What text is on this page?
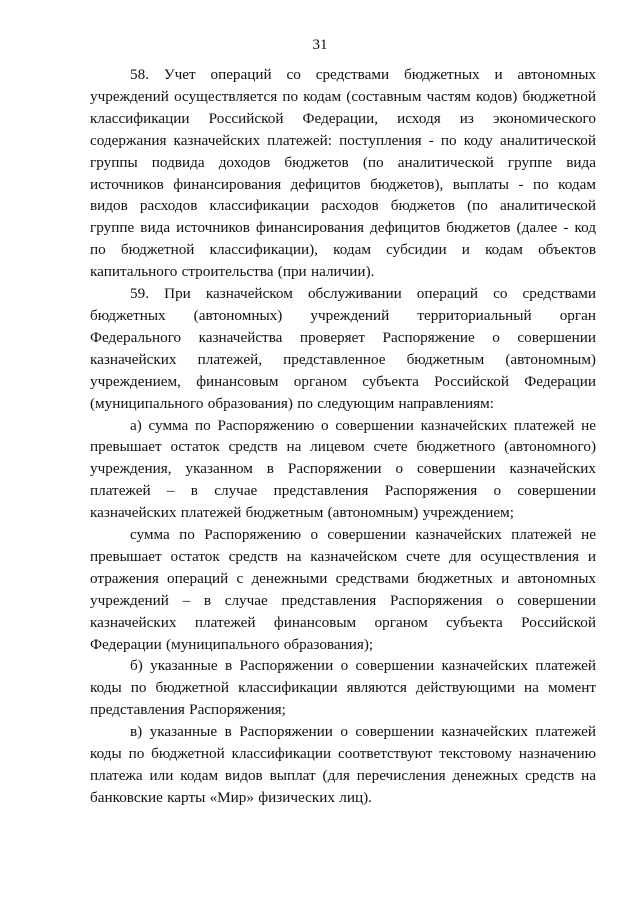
31

58. Учет операций со средствами бюджетных и автономных учреждений осуществляется по кодам (составным частям кодов) бюджетной классификации Российской Федерации, исходя из экономического содержания казначейских платежей: поступления - по коду аналитической группы подвида доходов бюджетов (по аналитической группе вида источников финансирования дефицитов бюджетов), выплаты - по кодам видов расходов классификации расходов бюджетов (по аналитической группе вида источников финансирования дефицитов бюджетов (далее - код по бюджетной классификации), кодам субсидии и кодам объектов капитального строительства (при наличии).

59. При казначейском обслуживании операций со средствами бюджетных (автономных) учреждений территориальный орган Федерального казначейства проверяет Распоряжение о совершении казначейских платежей, представленное бюджетным (автономным) учреждением, финансовым органом субъекта Российской Федерации (муниципального образования) по следующим направлениям:

а) сумма по Распоряжению о совершении казначейских платежей не превышает остаток средств на лицевом счете бюджетного (автономного) учреждения, указанном в Распоряжении о совершении казначейских платежей – в случае представления Распоряжения о совершении казначейских платежей бюджетным (автономным) учреждением;

сумма по Распоряжению о совершении казначейских платежей не превышает остаток средств на казначейском счете для осуществления и отражения операций с денежными средствами бюджетных и автономных учреждений – в случае представления Распоряжения о совершении казначейских платежей финансовым органом субъекта Российской Федерации (муниципального образования);

б) указанные в Распоряжении о совершении казначейских платежей коды по бюджетной классификации являются действующими на момент представления Распоряжения;

в) указанные в Распоряжении о совершении казначейских платежей коды по бюджетной классификации соответствуют текстовому назначению платежа или кодам видов выплат (для перечисления денежных средств на банковские карты «Мир» физических лиц).
